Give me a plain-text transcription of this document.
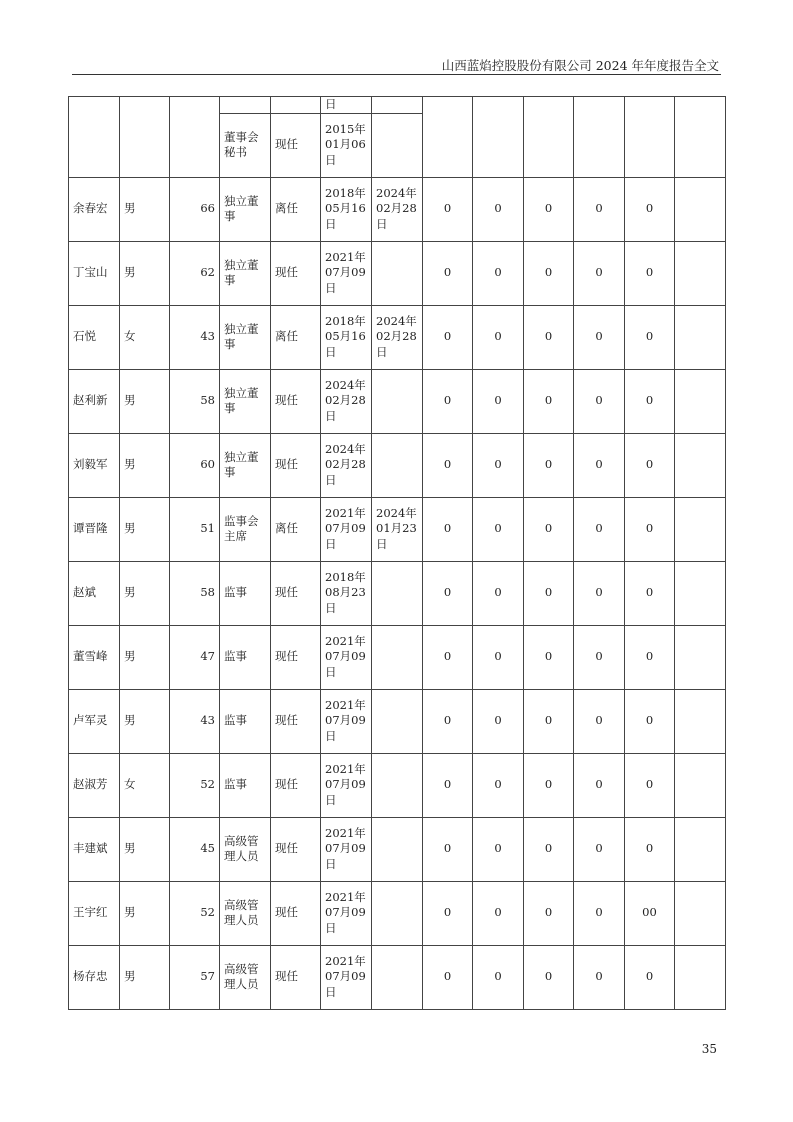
山西蓝焰控股股份有限公司 2024 年年度报告全文
					日							
			董事会秘书	现任	2015年01月06日							
余春宏	男	66	独立董事	离任	2018年05月16日	2024年02月28日	0	0	0	0	0	
丁宝山	男	62	独立董事	现任	2021年07月09日		0	0	0	0	0	
石悦	女	43	独立董事	离任	2018年05月16日	2024年02月28日	0	0	0	0	0	
赵利新	男	58	独立董事	现任	2024年02月28日		0	0	0	0	0	
刘毅军	男	60	独立董事	现任	2024年02月28日		0	0	0	0	0	
谭晋隆	男	51	监事会主席	离任	2021年07月09日	2024年01月23日	0	0	0	0	0	
赵斌	男	58	监事	现任	2018年08月23日		0	0	0	0	0	
董雪峰	男	47	监事	现任	2021年07月09日		0	0	0	0	0	
卢军灵	男	43	监事	现任	2021年07月09日		0	0	0	0	0	
赵淑芳	女	52	监事	现任	2021年07月09日		0	0	0	0	0	
丰建斌	男	45	高级管理人员	现任	2021年07月09日		0	0	0	0	0	
王宇红	男	52	高级管理人员	现任	2021年07月09日		0	0	0	0	00	
杨存忠	男	57	高级管理人员	现任	2021年07月09日		0	0	0	0	0	
35
